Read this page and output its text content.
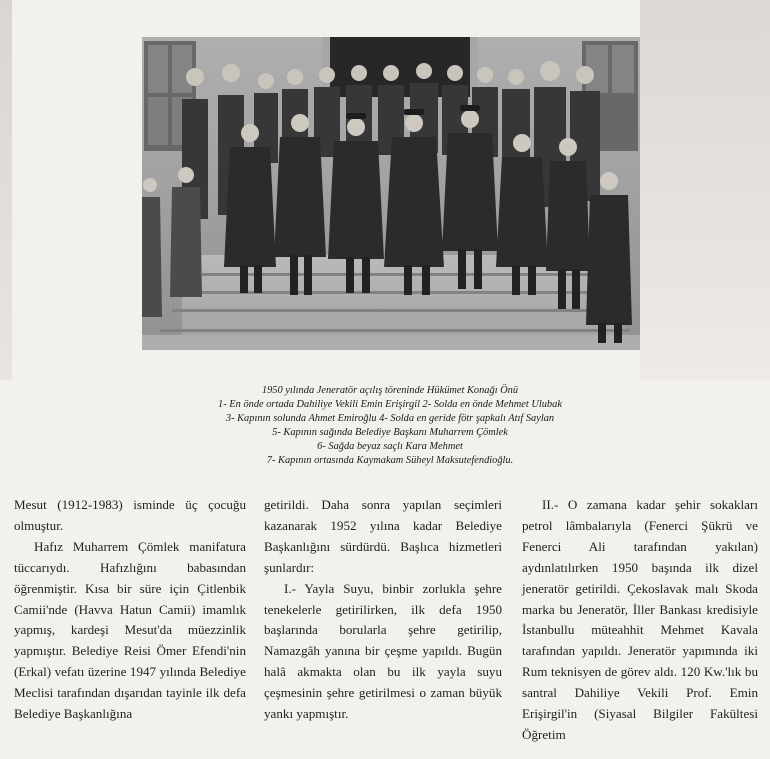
1950 yılında Jeneratör açılış töreninde Hükümet Konağı Önü
1- En önde ortada Dahiliye Vekili Emin Erişirgil 2- Solda en önde Mehmet Ulubak
3- Kapının solunda Ahmet Emiroğlu 4- Solda en geride fötr şapkalı Atıf Saylan
5- Kapının sağında Belediye Başkanı Muharrem Çömlek
6- Sağda beyaz saçlı Kara Mehmet
7- Kapının ortasında Kaymakam Süheyl Maksutefendioğlu.

Mesut (1912-1983) isminde üç çocuğu olmuştur.

Hafız Muharrem Çömlek manifatura tüccarıydı. Hafızlığını babasından öğrenmiştir. Kısa bir süre için Çitlenbik Camii'nde (Havva Hatun Camii) imamlık yapmış, kardeşi Mesut'da müezzinlik yapmıştır. Belediye Reisi Ömer Efendi'nin (Erkal) vefatı üzerine 1947 yılında Belediye Meclisi tarafından dışarıdan tayinle ilk defa Belediye Başkanlığına

getirildi. Daha sonra yapılan seçimleri kazanarak 1952 yılına kadar Belediye Başkanlığını sürdürdü. Başlıca hizmetleri şunlardır:

I.- Yayla Suyu, binbir zorlukla şehre tenekelerle getirilirken, ilk defa 1950 başlarında borularla şehre getirilip, Namazgâh yanına bir çeşme yapıldı. Bugün halâ akmakta olan bu ilk yayla suyu çeşmesinin şehre getirilmesi o zaman büyük yankı yapmıştır.

II.- O zamana kadar şehir sokakları petrol lâmbalarıyla (Fenerci Şükrü ve Fenerci Ali tarafından yakılan) aydınlatılırken 1950 başında ilk dizel jeneratör getirildi. Çekoslavak malı Skoda marka bu Jeneratör, İller Bankası kredisiyle İstanbullu müteahhit Mehmet Kavala tarafından yapıldı. Jeneratör yapımında iki Rum teknisyen de görev aldı. 120 Kw.'lık bu santral Dahiliye Vekili Prof. Emin Erişirgil'in (Siyasal Bilgiler Fakültesi Öğretim
